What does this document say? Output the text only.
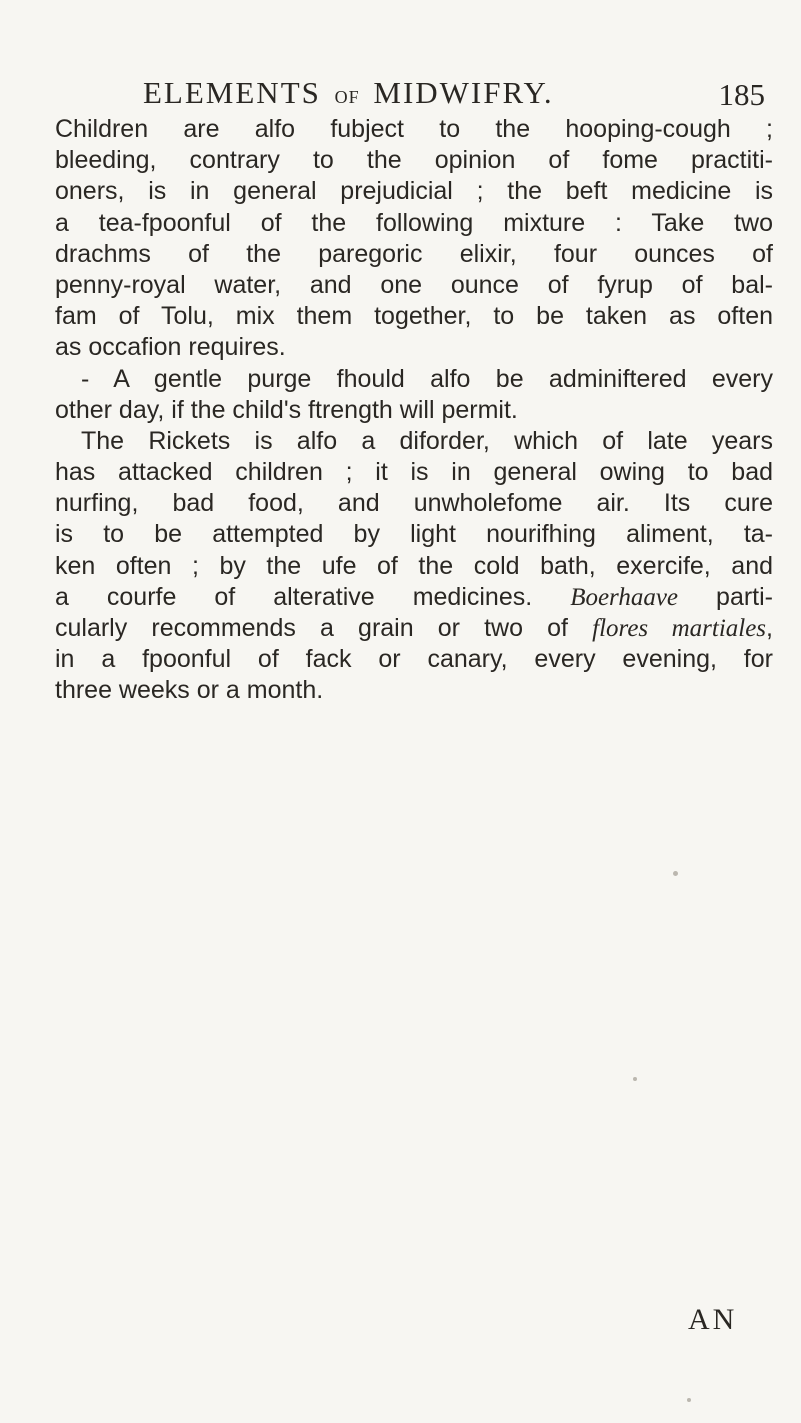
ELEMENTS OF MIDWIFRY.	185
Children are alfo fubject to the hooping-cough ;
bleeding, contrary to the opinion of fome practiti-
oners, is in general prejudicial ; the beft medicine is
a tea-fpoonful of the following mixture : Take two
drachms of the paregoric elixir, four ounces of
penny-royal water, and one ounce of fyrup of bal-
fam of Tolu, mix them together, to be taken as often
as occafion requires.
- A gentle purge fhould alfo be adminiftered every
other day, if the child's ftrength will permit.
The Rickets is alfo a diforder, which of late years
has attacked children ; it is in general owing to bad
nurfing, bad food, and unwholefome air. Its cure
is to be attempted by light nourifhing aliment, ta-
ken often ; by the ufe of the cold bath, exercife, and
a courfe of alterative medicines. Boerhaave parti-
cularly recommends a grain or two of flores martiales,
in a fpoonful of fack or canary, every evening, for
three weeks or a month.
AN
